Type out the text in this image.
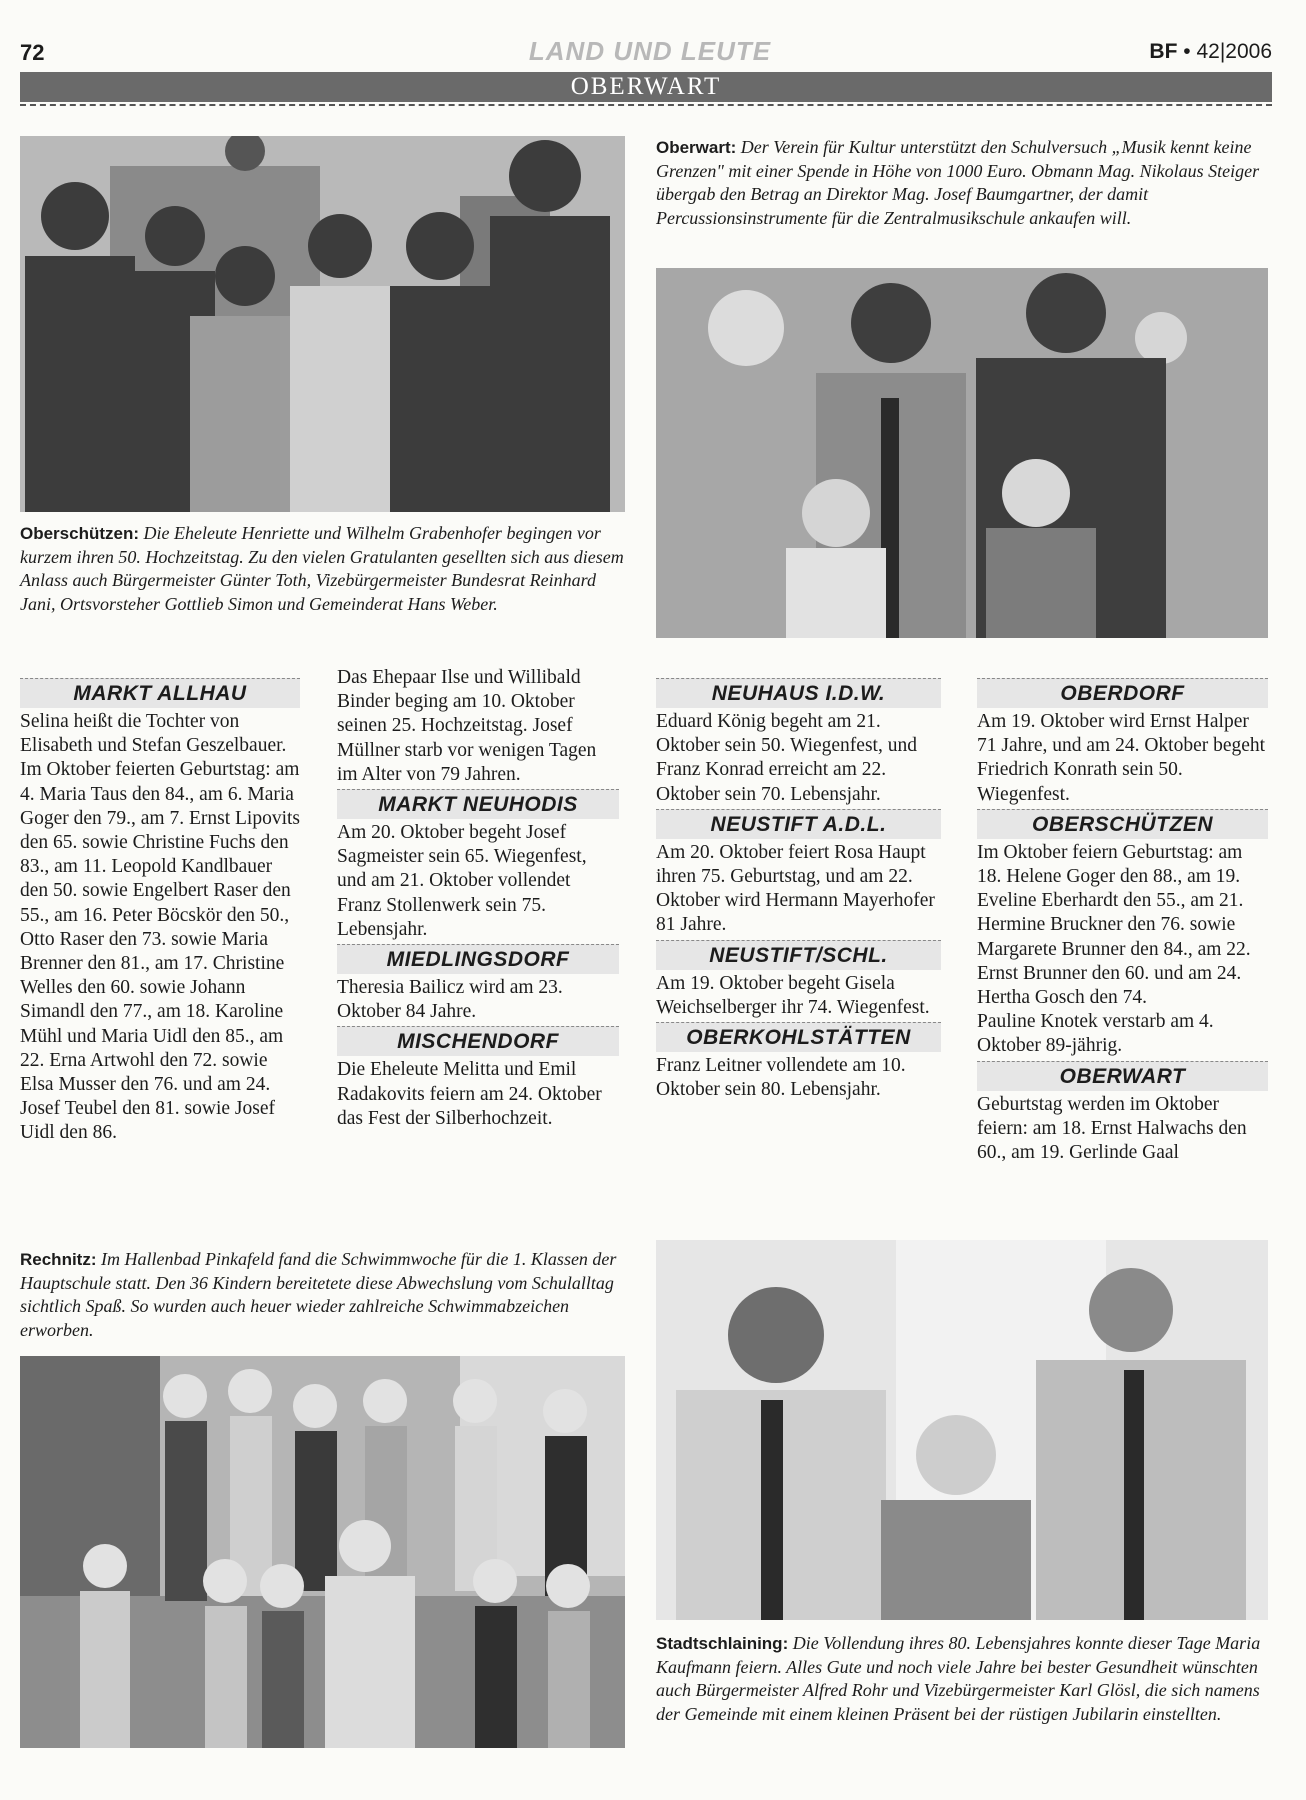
72	LAND UND LEUTE	BF • 42|2006
OBERWART
Oberwart: Der Verein für Kultur unterstützt den Schulversuch „Musik kennt keine Grenzen" mit einer Spende in Höhe von 1000 Euro. Obmann Mag. Nikolaus Steiger übergab den Betrag an Direktor Mag. Josef Baumgartner, der damit Percussionsinstrumente für die Zentralmusikschule ankaufen will.
Oberschützen: Die Eheleute Henriette und Wilhelm Grabenhofer begingen vor kurzem ihren 50. Hochzeitstag. Zu den vielen Gratulanten gesellten sich aus diesem Anlass auch Bürgermeister Günter Toth, Vizebürgermeister Bundesrat Reinhard Jani, Ortsvorsteher Gottlieb Simon und Gemeinderat Hans Weber.
MARKT ALLHAU

Selina heißt die Tochter von Elisabeth und Stefan Geszelbauer.

Im Oktober feierten Geburtstag: am 4. Maria Taus den 84., am 6. Maria Goger den 79., am 7. Ernst Lipovits den 65. sowie Christine Fuchs den 83., am 11. Leopold Kandlbauer den 50. sowie Engelbert Raser den 55., am 16. Peter Böcskör den 50., Otto Raser den 73. sowie Maria Brenner den 81., am 17. Christine Welles den 60. sowie Johann Simandl den 77., am 18. Karoline Mühl und Maria Uidl den 85., am 22. Erna Artwohl den 72. sowie Elsa Musser den 76. und am 24. Josef Teubel den 81. sowie Josef Uidl den 86.

Das Ehepaar Ilse und Willibald Binder beging am 10. Oktober seinen 25. Hochzeitstag. Josef Müllner starb vor wenigen Tagen im Alter von 79 Jahren.

MARKT NEUHODIS

Am 20. Oktober begeht Josef Sagmeister sein 65. Wiegenfest, und am 21. Oktober vollendet Franz Stollenwerk sein 75. Lebensjahr.

MIEDLINGSDORF

Theresia Bailicz wird am 23. Oktober 84 Jahre.

MISCHENDORF

Die Eheleute Melitta und Emil Radakovits feiern am 24. Oktober das Fest der Silberhochzeit.

NEUHAUS I.D.W.

Eduard König begeht am 21. Oktober sein 50. Wiegenfest, und Franz Konrad erreicht am 22. Oktober sein 70. Lebensjahr.

NEUSTIFT A.D.L.

Am 20. Oktober feiert Rosa Haupt ihren 75. Geburtstag, und am 22. Oktober wird Hermann Mayerhofer 81 Jahre.

NEUSTIFT/SCHL.

Am 19. Oktober begeht Gisela Weichselberger ihr 74. Wiegenfest.

OBERKOHLSTÄTTEN

Franz Leitner vollendete am 10. Oktober sein 80. Lebensjahr.

OBERDORF

Am 19. Oktober wird Ernst Halper 71 Jahre, und am 24. Oktober begeht Friedrich Konrath sein 50. Wiegenfest.

OBERSCHÜTZEN

Im Oktober feiern Geburtstag: am 18. Helene Goger den 88., am 19. Eveline Eberhardt den 55., am 21. Hermine Bruckner den 76. sowie Margarete Brunner den 84., am 22. Ernst Brunner den 60. und am 24. Hertha Gosch den 74.

Pauline Knotek verstarb am 4. Oktober 89-jährig.

OBERWART

Geburtstag werden im Oktober feiern: am 18. Ernst Halwachs den 60., am 19. Gerlinde Gaal

Rechnitz: Im Hallenbad Pinkafeld fand die Schwimmwoche für die 1. Klassen der Hauptschule statt. Den 36 Kindern bereitetete diese Abwechslung vom Schulalltag sichtlich Spaß. So wurden auch heuer wieder zahlreiche Schwimmabzeichen erworben.
Stadtschlaining: Die Vollendung ihres 80. Lebensjahres konnte dieser Tage Maria Kaufmann feiern. Alles Gute und noch viele Jahre bei bester Gesundheit wünschten auch Bürgermeister Alfred Rohr und Vizebürgermeister Karl Glösl, die sich namens der Gemeinde mit einem kleinen Präsent bei der rüstigen Jubilarin einstellten.
